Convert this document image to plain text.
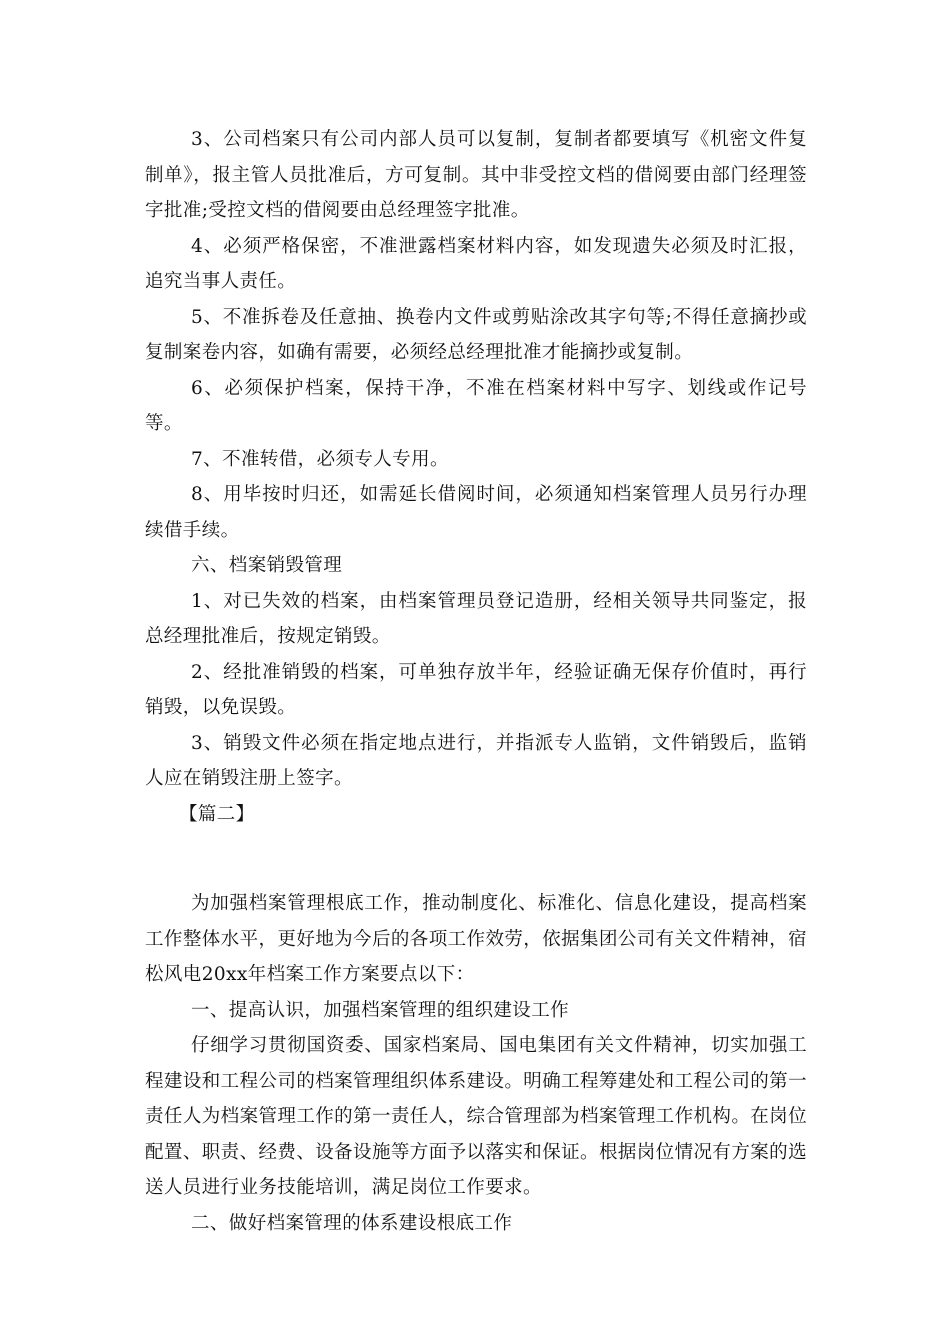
3、公司档案只有公司内部人员可以复制，复制者都要填写《机密文件复制单》，报主管人员批准后，方可复制。其中非受控文档的借阅要由部门经理签字批准;受控文档的借阅要由总经理签字批准。

4、必须严格保密，不准泄露档案材料内容，如发现遗失必须及时汇报，追究当事人责任。

5、不准拆卷及任意抽、换卷内文件或剪贴涂改其字句等;不得任意摘抄或复制案卷内容，如确有需要，必须经总经理批准才能摘抄或复制。

6、必须保护档案，保持干净，不准在档案材料中写字、划线或作记号等。

7、不准转借，必须专人专用。

8、用毕按时归还，如需延长借阅时间，必须通知档案管理人员另行办理续借手续。

六、档案销毁管理

1、对已失效的档案，由档案管理员登记造册，经相关领导共同鉴定，报总经理批准后，按规定销毁。

2、经批准销毁的档案，可单独存放半年，经验证确无保存价值时，再行销毁，以免误毁。

3、销毁文件必须在指定地点进行，并指派专人监销，文件销毁后，监销人应在销毁注册上签字。

【篇二】

为加强档案管理根底工作，推动制度化、标准化、信息化建设，提高档案工作整体水平，更好地为今后的各项工作效劳，依据集团公司有关文件精神，宿松风电20xx年档案工作方案要点以下：

一、提高认识，加强档案管理的组织建设工作

仔细学习贯彻国资委、国家档案局、国电集团有关文件精神，切实加强工程建设和工程公司的档案管理组织体系建设。明确工程筹建处和工程公司的第一责任人为档案管理工作的第一责任人，综合管理部为档案管理工作机构。在岗位配置、职责、经费、设备设施等方面予以落实和保证。根据岗位情况有方案的选送人员进行业务技能培训，满足岗位工作要求。

二、做好档案管理的体系建设根底工作
